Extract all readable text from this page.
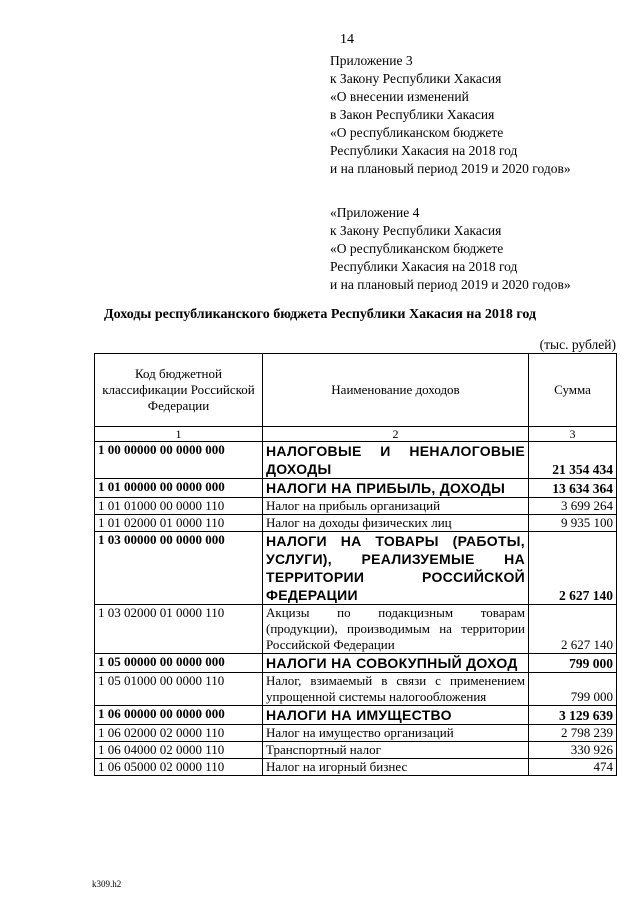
14
Приложение 3
к Закону Республики Хакасия
«О внесении изменений
в Закон Республики Хакасия
«О республиканском бюджете
Республики Хакасия на 2018 год
и на плановый период 2019 и 2020 годов»
«Приложение 4
к Закону Республики Хакасия
«О республиканском бюджете
Республики Хакасия на 2018 год
и на плановый период 2019 и 2020 годов»
Доходы республиканского бюджета Республики Хакасия на 2018 год
(тыс. рублей)
Код бюджетной классификации Российской Федерации	Наименование доходов	Сумма
1	2	3
1 00 00000 00 0000 000	НАЛОГОВЫЕ И НЕНАЛОГОВЫЕ ДОХОДЫ	21 354 434
1 01 00000 00 0000 000	НАЛОГИ НА ПРИБЫЛЬ, ДОХОДЫ	13 634 364
1 01 01000 00 0000 110	Налог на прибыль организаций	3 699 264
1 01 02000 01 0000 110	Налог на доходы физических лиц	9 935 100
1 03 00000 00 0000 000	НАЛОГИ НА ТОВАРЫ (РАБОТЫ, УСЛУГИ), РЕАЛИЗУЕМЫЕ НА ТЕРРИТОРИИ РОССИЙСКОЙ ФЕДЕРАЦИИ	2 627 140
1 03 02000 01 0000 110	Акцизы по подакцизным товарам (продукции), производимым на территории Российской Федерации	2 627 140
1 05 00000 00 0000 000	НАЛОГИ НА СОВОКУПНЫЙ ДОХОД	799 000
1 05 01000 00 0000 110	Налог, взимаемый в связи с применением упрощенной системы налогообложения	799 000
1 06 00000 00 0000 000	НАЛОГИ НА ИМУЩЕСТВО	3 129 639
1 06 02000 02 0000 110	Налог на имущество организаций	2 798 239
1 06 04000 02 0000 110	Транспортный налог	330 926
1 06 05000 02 0000 110	Налог на игорный бизнес	474
k309.h2
